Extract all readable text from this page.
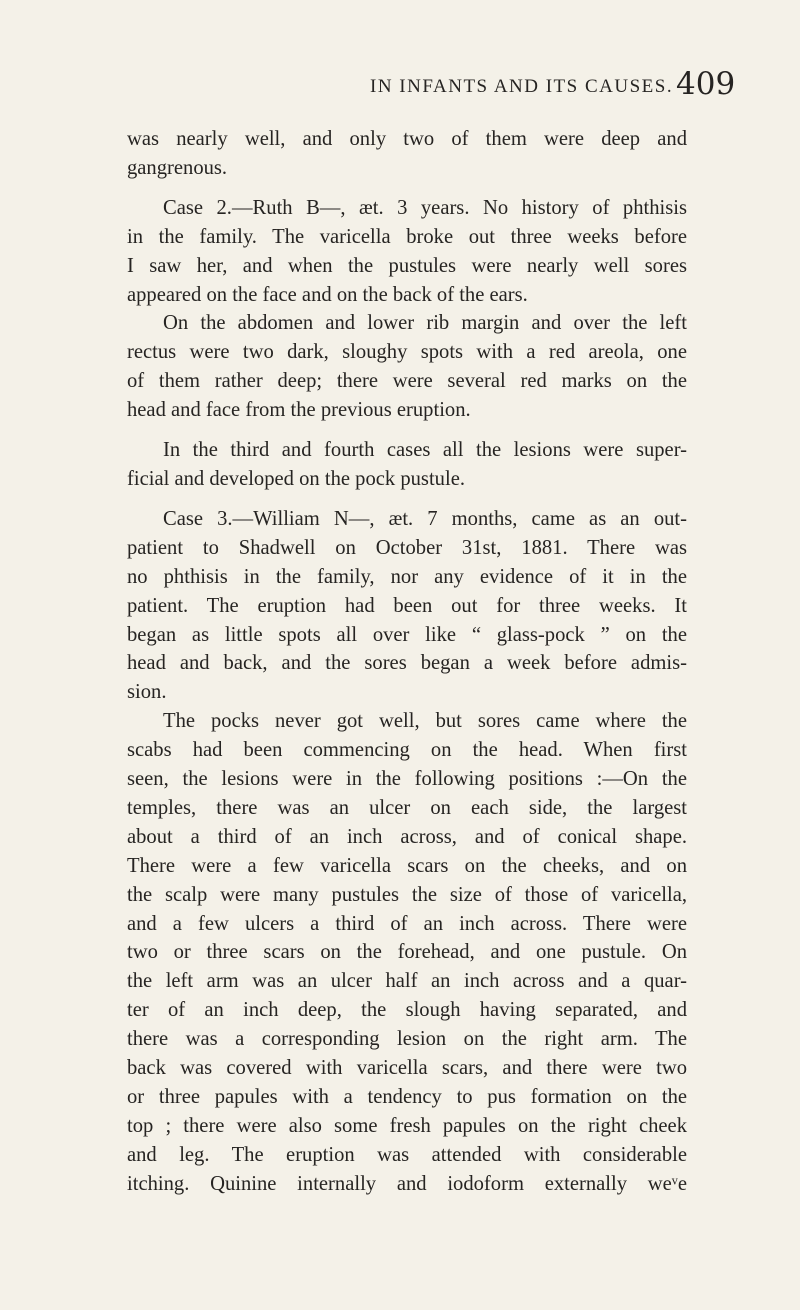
IN INFANTS AND ITS CAUSES. 409

was nearly well, and only two of them were deep and
gangrenous.

Case 2.—Ruth B—, æt. 3 years. No history of phthisis
in the family. The varicella broke out three weeks before
I saw her, and when the pustules were nearly well sores
appeared on the face and on the back of the ears.

On the abdomen and lower rib margin and over the left
rectus were two dark, sloughy spots with a red areola, one
of them rather deep; there were several red marks on the
head and face from the previous eruption.

In the third and fourth cases all the lesions were super-
ficial and developed on the pock pustule.

Case 3.—William N—, æt. 7 months, came as an out-
patient to Shadwell on October 31st, 1881. There was
no phthisis in the family, nor any evidence of it in the
patient. The eruption had been out for three weeks. It
began as little spots all over like “ glass-pock ” on the
head and back, and the sores began a week before admis-
sion.

The pocks never got well, but sores came where the
scabs had been commencing on the head. When first
seen, the lesions were in the following positions :—On the
temples, there was an ulcer on each side, the largest
about a third of an inch across, and of conical shape.
There were a few varicella scars on the cheeks, and on
the scalp were many pustules the size of those of varicella,
and a few ulcers a third of an inch across. There were
two or three scars on the forehead, and one pustule. On
the left arm was an ulcer half an inch across and a quar-
ter of an inch deep, the slough having separated, and
there was a corresponding lesion on the right arm. The
back was covered with varicella scars, and there were two
or three papules with a tendency to pus formation on the
top ; there were also some fresh papules on the right cheek
and leg. The eruption was attended with considerable
itching. Quinine internally and iodoform externally weᵛe
